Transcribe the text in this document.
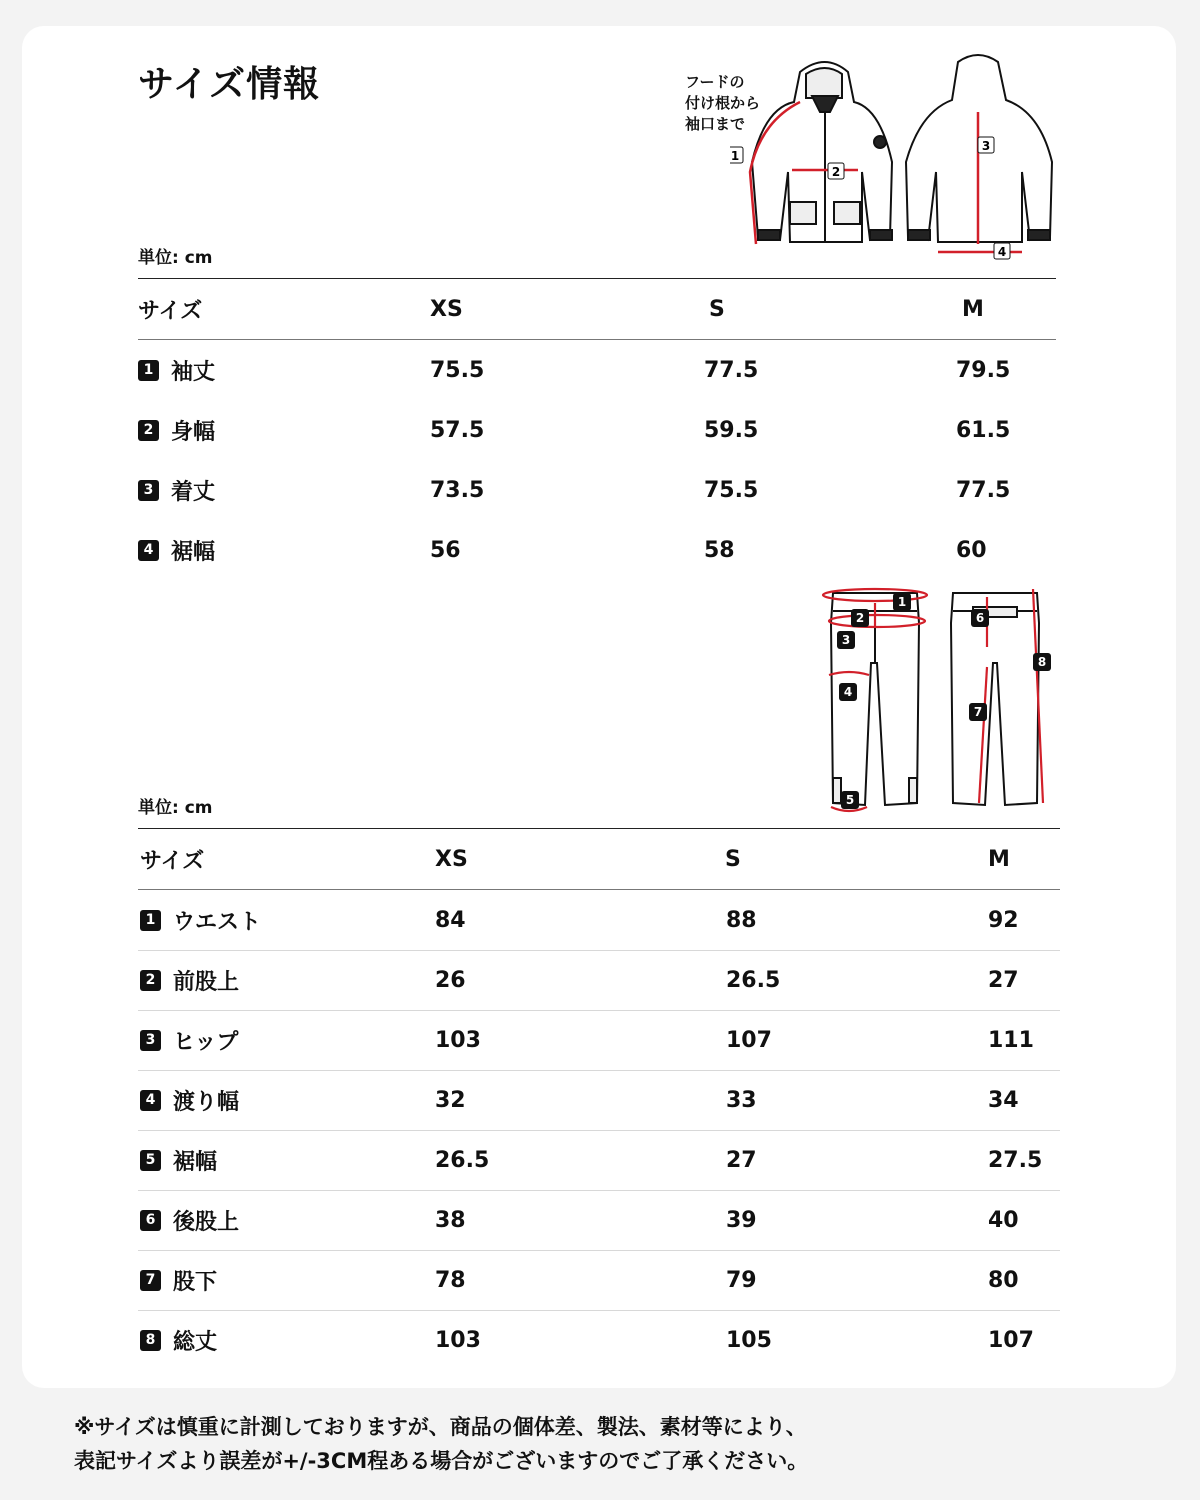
サイズ情報	フードの
付け根から
袖口まで
1
2
3
4
単位: cm
サイズ	XS	S	M
1 袖丈	75.5	77.5	79.5
2 身幅	57.5	59.5	61.5
3 着丈	73.5	75.5	77.5
4 裾幅	56	58	60
1
2
3
4
5
6
7
8
単位: cm
サイズ	XS	S	M
1 ウエスト	84	88	92
2 前股上	26	26.5	27
3 ヒップ	103	107	111
4 渡り幅	32	33	34
5 裾幅	26.5	27	27.5
6 後股上	38	39	40
7 股下	78	79	80
8 総丈	103	105	107
※サイズは慎重に計測しておりますが、商品の個体差、製法、素材等により、
表記サイズより誤差が+/-3CM程ある場合がございますのでご了承ください。
